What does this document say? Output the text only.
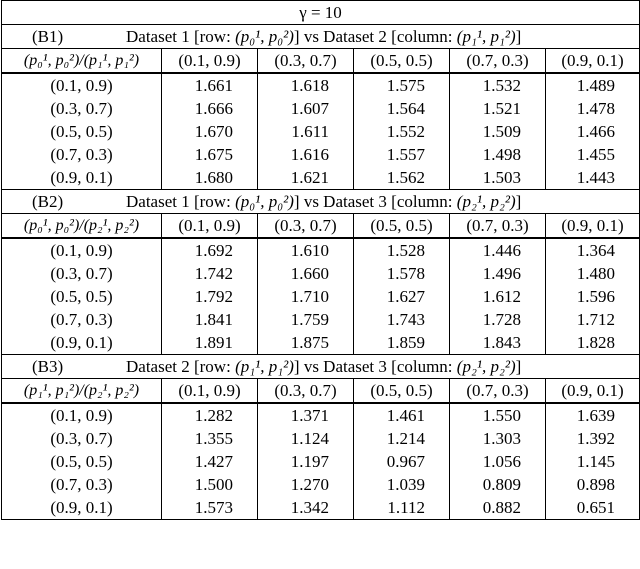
γ = 10					
(B1) Dataset 1 [row: (p₀¹, p₀²)] vs Dataset 2 [column: (p₁¹, p₁²)]					
(p₀¹, p₀²)/(p₁¹, p₁²)	(0.1, 0.9)	(0.3, 0.7)	(0.5, 0.5)	(0.7, 0.3)	(0.9, 0.1)
(0.1, 0.9)	1.661	1.618	1.575	1.532	1.489
(0.3, 0.7)	1.666	1.607	1.564	1.521	1.478
(0.5, 0.5)	1.670	1.611	1.552	1.509	1.466
(0.7, 0.3)	1.675	1.616	1.557	1.498	1.455
(0.9, 0.1)	1.680	1.621	1.562	1.503	1.443
(B2) Dataset 1 [row: (p₀¹, p₀²)] vs Dataset 3 [column: (p₂¹, p₂²)]					
(p₀¹, p₀²)/(p₂¹, p₂²)	(0.1, 0.9)	(0.3, 0.7)	(0.5, 0.5)	(0.7, 0.3)	(0.9, 0.1)
(0.1, 0.9)	1.692	1.610	1.528	1.446	1.364
(0.3, 0.7)	1.742	1.660	1.578	1.496	1.480
(0.5, 0.5)	1.792	1.710	1.627	1.612	1.596
(0.7, 0.3)	1.841	1.759	1.743	1.728	1.712
(0.9, 0.1)	1.891	1.875	1.859	1.843	1.828
(B3) Dataset 2 [row: (p₁¹, p₁²)] vs Dataset 3 [column: (p₂¹, p₂²)]					
(p₁¹, p₁²)/(p₂¹, p₂²)	(0.1, 0.9)	(0.3, 0.7)	(0.5, 0.5)	(0.7, 0.3)	(0.9, 0.1)
(0.1, 0.9)	1.282	1.371	1.461	1.550	1.639
(0.3, 0.7)	1.355	1.124	1.214	1.303	1.392
(0.5, 0.5)	1.427	1.197	0.967	1.056	1.145
(0.7, 0.3)	1.500	1.270	1.039	0.809	0.898
(0.9, 0.1)	1.573	1.342	1.112	0.882	0.651
